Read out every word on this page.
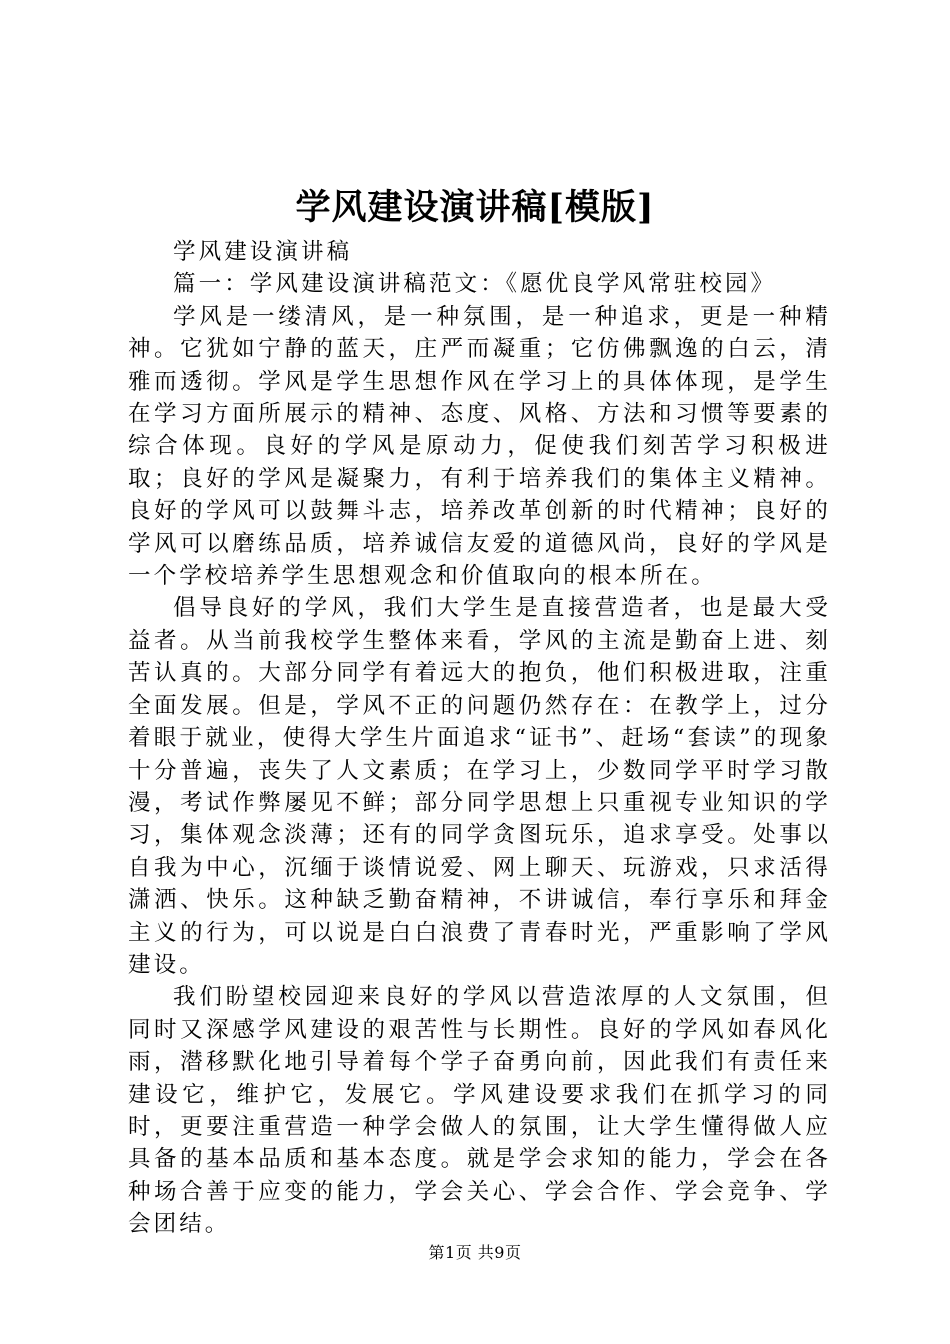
学风建设演讲稿[模版]

学风建设演讲稿

篇一：学风建设演讲稿范文：《愿优良学风常驻校园》

学风是一缕清风，是一种氛围，是一种追求，更是一种精神。它犹如宁静的蓝天，庄严而凝重；它仿佛飘逸的白云，清雅而透彻。学风是学生思想作风在学习上的具体体现，是学生在学习方面所展示的精神、态度、风格、方法和习惯等要素的综合体现。良好的学风是原动力，促使我们刻苦学习积极进取；良好的学风是凝聚力，有利于培养我们的集体主义精神。良好的学风可以鼓舞斗志，培养改革创新的时代精神；良好的学风可以磨练品质，培养诚信友爱的道德风尚，良好的学风是一个学校培养学生思想观念和价值取向的根本所在。

倡导良好的学风，我们大学生是直接营造者，也是最大受益者。从当前我校学生整体来看，学风的主流是勤奋上进、刻苦认真的。大部分同学有着远大的抱负，他们积极进取，注重全面发展。但是，学风不正的问题仍然存在：在教学上，过分着眼于就业，使得大学生片面追求“证书”、赶场“套读”的现象十分普遍，丧失了人文素质；在学习上，少数同学平时学习散漫，考试作弊屡见不鲜；部分同学思想上只重视专业知识的学习，集体观念淡薄；还有的同学贪图玩乐，追求享受。处事以自我为中心，沉缅于谈情说爱、网上聊天、玩游戏，只求活得潇洒、快乐。这种缺乏勤奋精神，不讲诚信，奉行享乐和拜金主义的行为，可以说是白白浪费了青春时光，严重影响了学风建设。

我们盼望校园迎来良好的学风以营造浓厚的人文氛围，但同时又深感学风建设的艰苦性与长期性。良好的学风如春风化雨，潜移默化地引导着每个学子奋勇向前，因此我们有责任来建设它，维护它，发展它。学风建设要求我们在抓学习的同时，更要注重营造一种学会做人的氛围，让大学生懂得做人应具备的基本品质和基本态度。就是学会求知的能力，学会在各种场合善于应变的能力，学会关心、学会合作、学会竞争、学会团结。

第1页 共9页
